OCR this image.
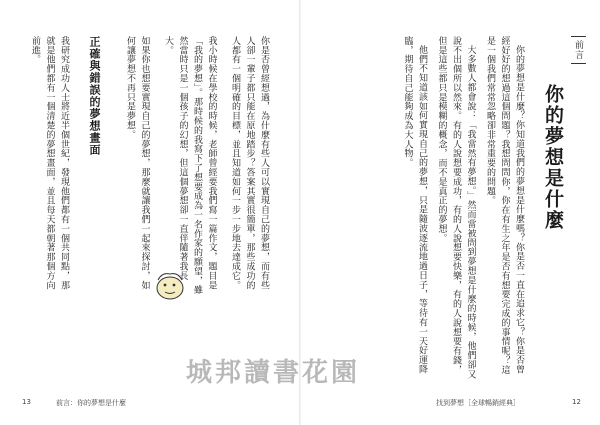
你是否曾經想過，為什麼有些人可以實現自己的夢想，而有些人卻一輩子都只能在原地踏步？答案其實很簡單，那些成功的人都有一個明確的目標，並且知道如何一步一步地去達成它。

我小時候在學校的時候，老師曾經要我們寫一篇作文，題目是「我的夢想」。那時候的我寫下了想要成為一名作家的願望，雖然當時只是一個孩子的幻想，但這個夢想卻一直伴隨著我長大。

如果你也想要實現自己的夢想，那麼就讓我們一起來探討，如何讓夢想不再只是夢想。

正確與錯誤的夢想畫面

我研究成功人士將近半個世紀，發現他們都有一個共同點，那就是他們都有一個清楚的夢想畫面，並且每天都朝著那個方向前進。

13	前言：你的夢想是什麼
前言
你的夢想是什麼

你的夢想是什麼？你知道我們的夢想是什麼嗎？你是否一直在追求它？你是否曾經好好的想過這個問題？我想問問你，你在有生之年是否有想要完成的事情呢？這是一個我們常常忽略卻非常重要的問題。

大多數人都會說：「我當然有夢想。」然而當被問到夢想是什麼的時候，他們卻又說不出個所以然來。有的人說想要成功，有的人說想要快樂，有的人說想要有錢，但是這些都只是模糊的概念，而不是真正的夢想。

他們不知道該如何實現自己的夢想，只是隨波逐流地過日子，等待有一天好運降臨，期待自己能夠成為大人物。

找到夢想［全球暢銷經典］	12
城邦讀書花園
